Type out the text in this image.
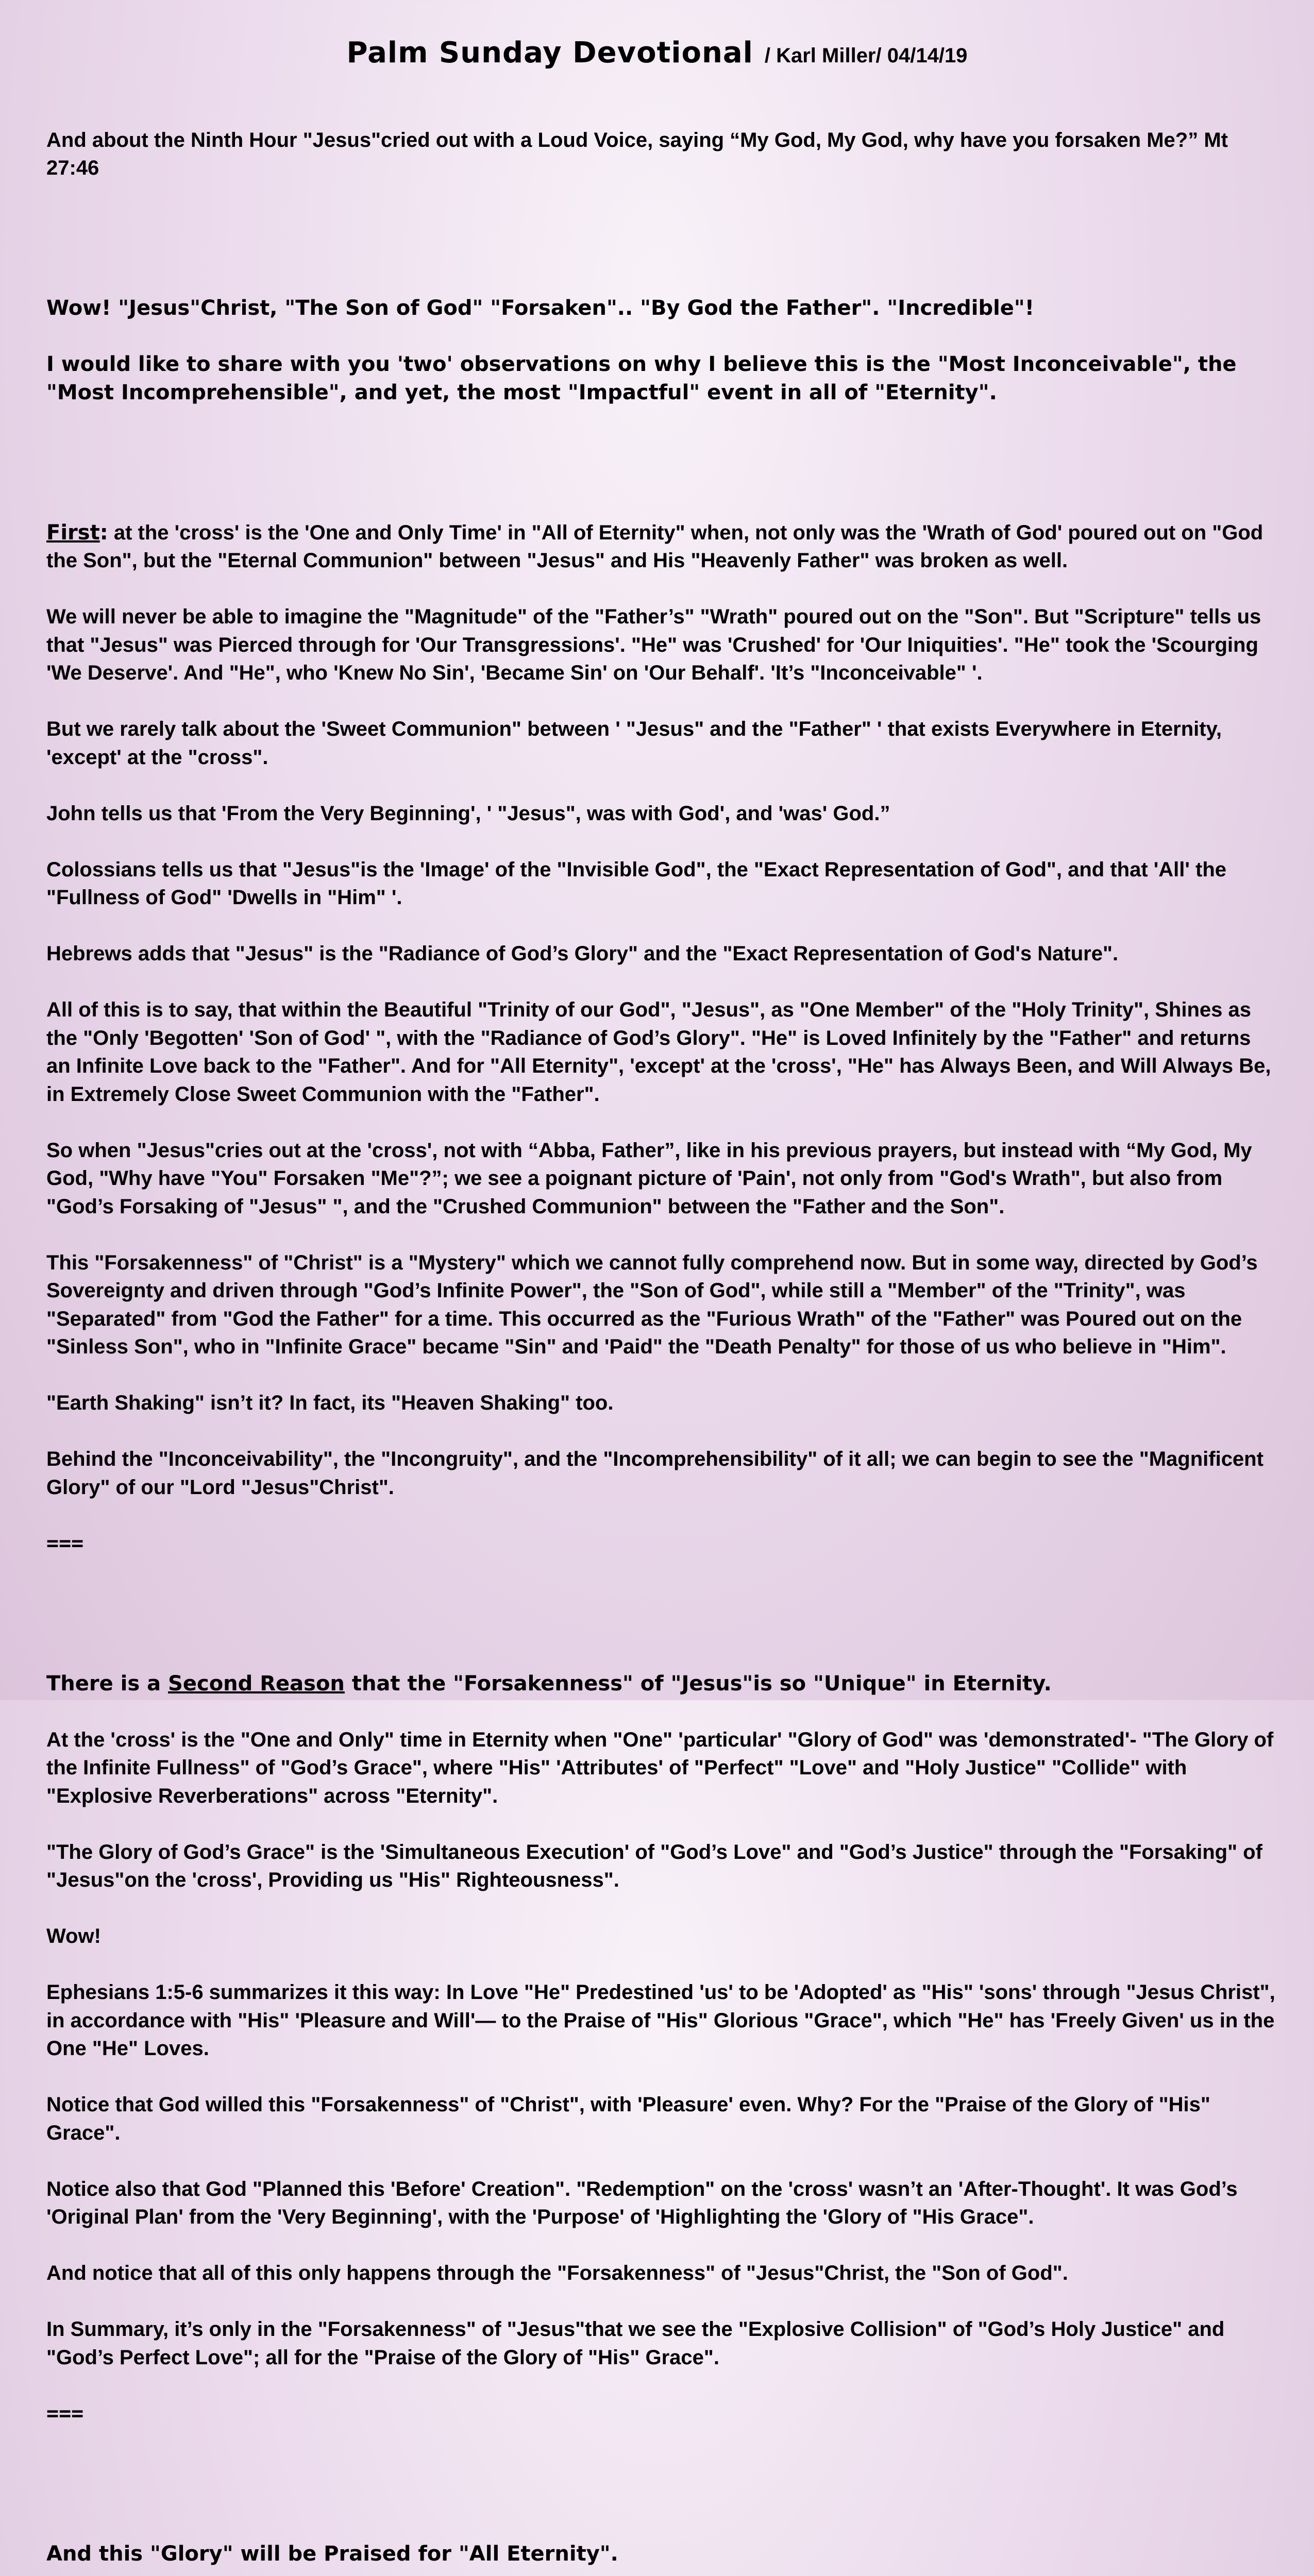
Palm Sunday Devotional / Karl Miller/ 04/14/19

And about the Ninth Hour "Jesus"cried out with a Loud Voice, saying “My God, My God, why have you forsaken Me?” Mt 27:46

Wow! "Jesus"Christ, "The Son of God" "Forsaken".. "By God the Father". "Incredible"!

I would like to share with you 'two' observations on why I believe this is the "Most Inconceivable", the "Most Incomprehensible", and yet, the most "Impactful" event in all of "Eternity".

First: at the 'cross' is the 'One and Only Time' in "All of Eternity" when, not only was the 'Wrath of God' poured out on "God the Son", but the "Eternal Communion" between "Jesus" and His "Heavenly Father" was broken as well.

We will never be able to imagine the "Magnitude" of the "Father’s" "Wrath" poured out on the "Son". But "Scripture" tells us that "Jesus" was Pierced through for 'Our Transgressions'. "He" was 'Crushed' for 'Our Iniquities'. "He" took the 'Scourging 'We Deserve'. And "He", who 'Knew No Sin', 'Became Sin' on 'Our Behalf'. 'It’s "Inconceivable" '.

But we rarely talk about the 'Sweet Communion" between ' "Jesus" and the "Father" ' that exists Everywhere in Eternity, 'except' at the "cross".

John tells us that 'From the Very Beginning', ' "Jesus", was with God', and 'was' God.”

Colossians tells us that "Jesus"is the 'Image' of the "Invisible God", the "Exact Representation of God", and that 'All' the "Fullness of God" 'Dwells in "Him" '.

Hebrews adds that "Jesus" is the "Radiance of God’s Glory" and the "Exact Representation of God's Nature".

All of this is to say, that within the Beautiful "Trinity of our God", "Jesus", as "One Member" of the "Holy Trinity", Shines as the "Only 'Begotten' 'Son of God' ", with the "Radiance of God’s Glory". "He" is Loved Infinitely by the "Father" and returns an Infinite Love back to the "Father". And for "All Eternity", 'except' at the 'cross', "He" has Always Been, and Will Always Be, in Extremely Close Sweet Communion with the "Father".

So when "Jesus"cries out at the 'cross', not with “Abba, Father”, like in his previous prayers, but instead with “My God, My God, "Why have "You" Forsaken "Me"?”; we see a poignant picture of 'Pain', not only from "God's Wrath", but also from "God’s Forsaking of "Jesus" ", and the "Crushed Communion" between the "Father and the Son".

This "Forsakenness" of "Christ" is a "Mystery" which we cannot fully comprehend now. But in some way, directed by God’s Sovereignty and driven through "God’s Infinite Power", the "Son of God", while still a "Member" of the "Trinity", was "Separated" from "God the Father" for a time. This occurred as the "Furious Wrath" of the "Father" was Poured out on the "Sinless Son", who in "Infinite Grace" became "Sin" and 'Paid" the "Death Penalty" for those of us who believe in "Him".

"Earth Shaking" isn’t it? In fact, its "Heaven Shaking" too.

Behind the "Inconceivability", the "Incongruity", and the "Incomprehensibility" of it all; we can begin to see the "Magnificent Glory" of our "Lord "Jesus"Christ".

===

There is a Second Reason that the "Forsakenness" of "Jesus"is so "Unique" in Eternity.

At the 'cross' is the "One and Only" time in Eternity when "One" 'particular' "Glory of God" was 'demonstrated'- "The Glory of the Infinite Fullness" of "God’s Grace", where "His" 'Attributes' of "Perfect" "Love" and "Holy Justice" "Collide" with "Explosive Reverberations" across "Eternity".

"The Glory of God’s Grace" is the 'Simultaneous Execution' of "God’s Love" and "God’s Justice" through the "Forsaking" of "Jesus"on the 'cross', Providing us "His" Righteousness".

Wow!

Ephesians 1:5-6 summarizes it this way: In Love "He" Predestined 'us' to be 'Adopted' as "His" 'sons' through "Jesus Christ", in accordance with "His" 'Pleasure and Will'— to the Praise of "His" Glorious "Grace", which "He" has 'Freely Given' us in the One "He" Loves.

Notice that God willed this "Forsakenness" of "Christ", with 'Pleasure' even. Why? For the "Praise of the Glory of "His" Grace".

Notice also that God "Planned this 'Before' Creation". "Redemption" on the 'cross' wasn’t an 'After-Thought'. It was God’s 'Original Plan' from the 'Very Beginning', with the 'Purpose' of 'Highlighting the 'Glory of "His Grace".

And notice that all of this only happens through the "Forsakenness" of "Jesus"Christ, the "Son of God".

In Summary, it’s only in the "Forsakenness" of "Jesus"that we see the "Explosive Collision" of "God’s Holy Justice" and "God’s Perfect Love"; all for the "Praise of the Glory of "His" Grace".

===

And this "Glory" will be Praised for "All Eternity".
